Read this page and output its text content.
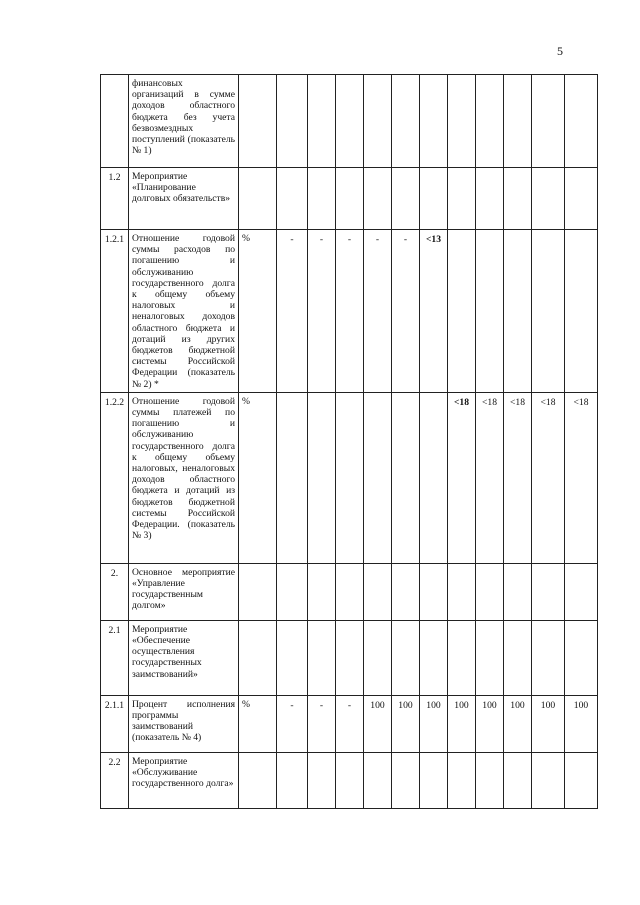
5
	финансовых организаций в сумме доходов областного бюджета без учета безвозмездных поступлений (показатель № 1)												
1.2	Мероприятие «Планирование долговых обязательств»												
1.2.1	Отношение годовой суммы расходов по погашению и обслуживанию государственного долга к общему объему налоговых и неналоговых доходов областного бюджета и дотаций из других бюджетов бюджетной системы Российской Федерации (показатель № 2) *	%	-	-	-	-	-	<13					
1.2.2	Отношение годовой суммы платежей по погашению и обслуживанию государственного долга к общему объему налоговых, неналоговых доходов областного бюджета и дотаций из бюджетов бюджетной системы Российской Федерации. (показатель № 3)	%							<18	<18	<18	<18	<18
2.	Основное мероприятие «Управление государственным долгом»												
2.1	Мероприятие «Обеспечение осуществления государственных заимствований»												
2.1.1	Процент исполнения программы заимствований (показатель № 4)	%	-	-	-	100	100	100	100	100	100	100	100
2.2	Мероприятие «Обслуживание государственного долга»												
